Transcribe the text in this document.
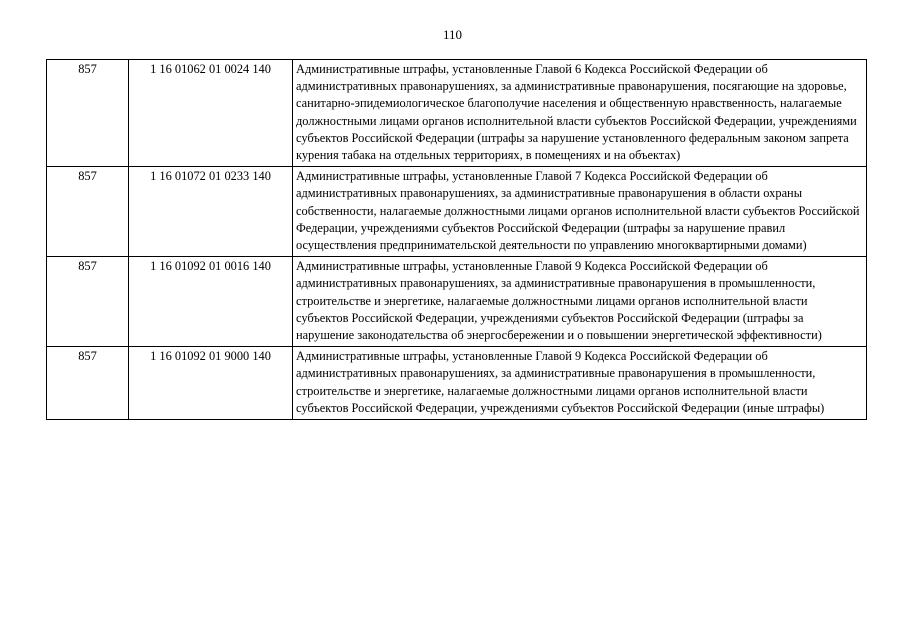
110
857	1 16 01062 01 0024 140	Административные штрафы, установленные Главой 6 Кодекса Российской Федерации об административных правонарушениях, за административные правонарушения, посягающие на здоровье, санитарно-эпидемиологическое благополучие населения и общественную нравственность, налагаемые должностными лицами органов исполнительной власти субъектов Российской Федерации, учреждениями субъектов Российской Федерации (штрафы за нарушение установленного федеральным законом запрета курения табака на отдельных территориях, в помещениях и на объектах)
857	1 16 01072 01 0233 140	Административные штрафы, установленные Главой 7 Кодекса Российской Федерации об административных правонарушениях, за административные правонарушения в области охраны собственности, налагаемые должностными лицами органов исполнительной власти субъектов Российской Федерации, учреждениями субъектов Российской Федерации (штрафы за нарушение правил осуществления предпринимательской деятельности по управлению многоквартирными домами)
857	1 16 01092 01 0016 140	Административные штрафы, установленные Главой 9 Кодекса Российской Федерации об административных правонарушениях, за административные правонарушения в промышленности, строительстве и энергетике, налагаемые должностными лицами органов исполнительной власти субъектов Российской Федерации, учреждениями субъектов Российской Федерации (штрафы за нарушение законодательства об энергосбережении и о повышении энергетической эффективности)
857	1 16 01092 01 9000 140	Административные штрафы, установленные Главой 9 Кодекса Российской Федерации об административных правонарушениях, за административные правонарушения в промышленности, строительстве и энергетике, налагаемые должностными лицами органов исполнительной власти субъектов Российской Федерации, учреждениями субъектов Российской Федерации (иные штрафы)
